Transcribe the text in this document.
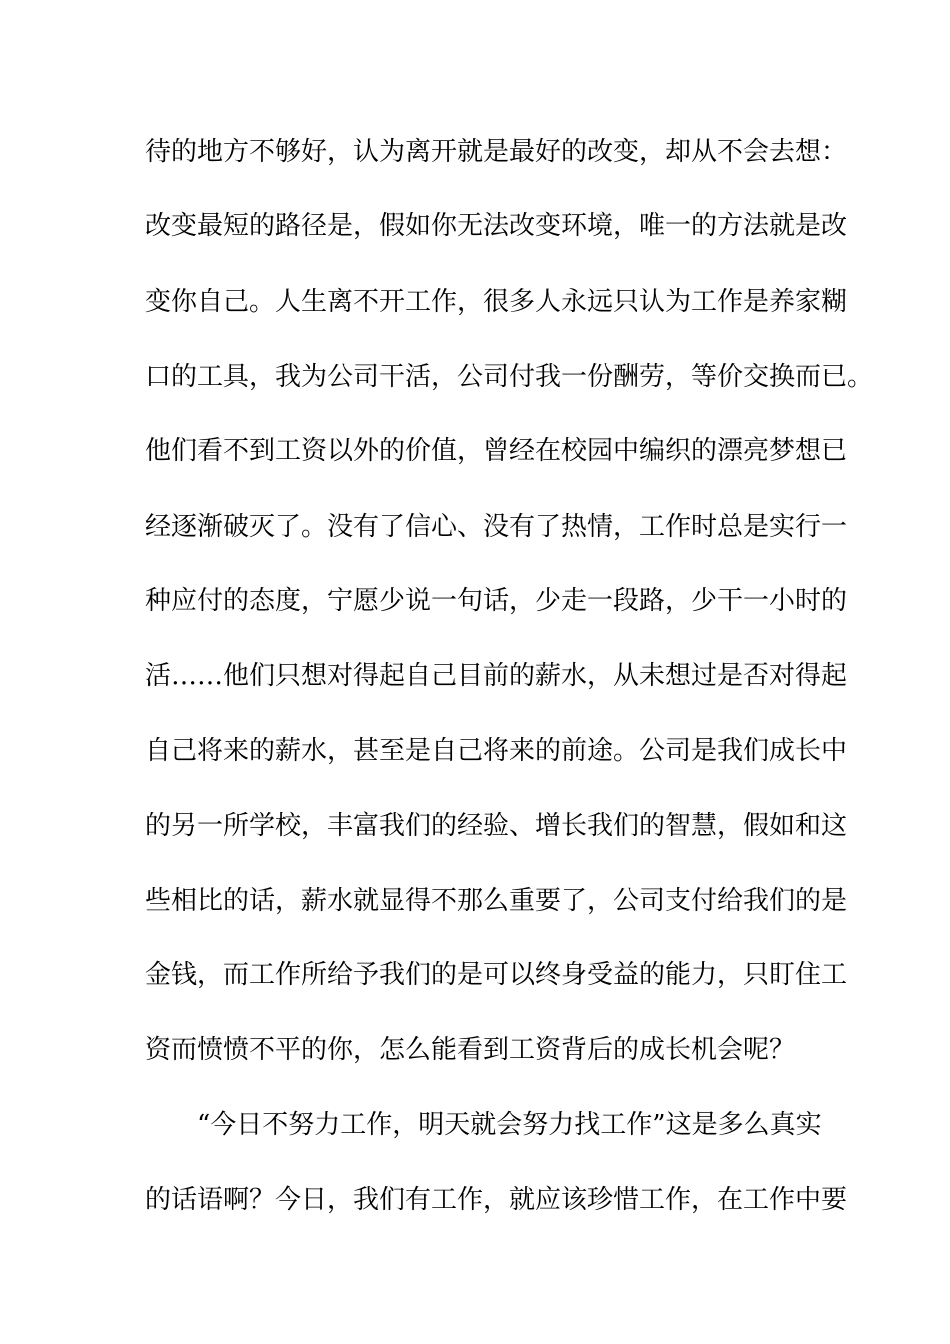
待的地方不够好，认为离开就是最好的改变，却从不会去想：
改变最短的路径是，假如你无法改变环境，唯一的方法就是改
变你自己。人生离不开工作，很多人永远只认为工作是养家糊
口的工具，我为公司干活，公司付我一份酬劳，等价交换而已。
他们看不到工资以外的价值，曾经在校园中编织的漂亮梦想已
经逐渐破灭了。没有了信心、没有了热情，工作时总是实行一
种应付的态度，宁愿少说一句话，少走一段路，少干一小时的
活……他们只想对得起自己目前的薪水，从未想过是否对得起
自己将来的薪水，甚至是自己将来的前途。公司是我们成长中
的另一所学校，丰富我们的经验、增长我们的智慧，假如和这
些相比的话，薪水就显得不那么重要了，公司支付给我们的是
金钱，而工作所给予我们的是可以终身受益的能力，只盯住工
资而愤愤不平的你，怎么能看到工资背后的成长机会呢？
“今日不努力工作，明天就会努力找工作”这是多么真实
的话语啊？今日，我们有工作，就应该珍惜工作，在工作中要
